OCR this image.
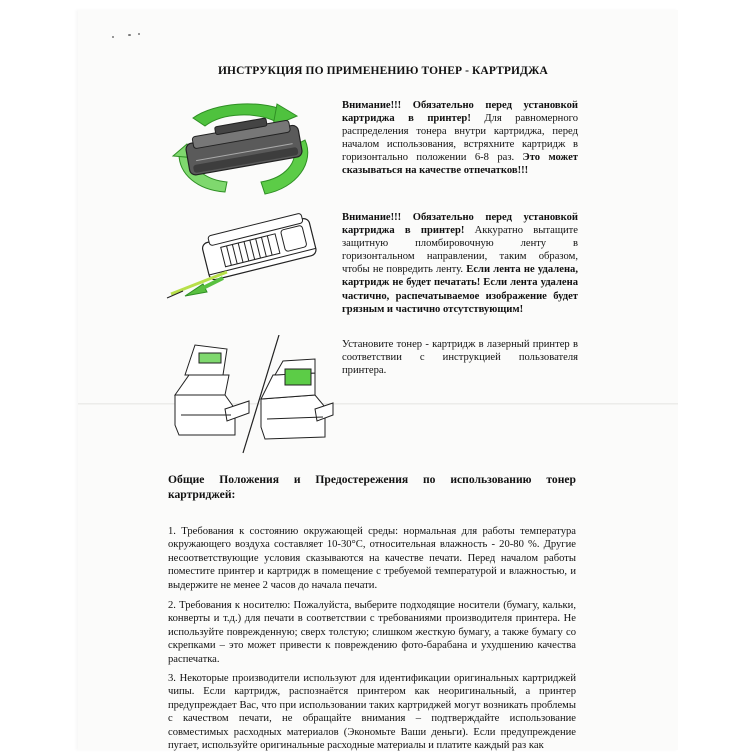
ИНСТРУКЦИЯ ПО ПРИМЕНЕНИЮ ТОНЕР - КАРТРИДЖА
Внимание!!! Обязательно перед установкой картриджа в принтер! Для равномерного распределения тонера внутри картриджа, перед началом использования, встряхните картридж в горизонтально положении 6-8 раз. Это может сказываться на качестве отпечатков!!!
Внимание!!! Обязательно перед установкой картриджа в принтер! Аккуратно вытащите защитную пломбировочную ленту в горизонтальном направлении, таким образом, чтобы не повредить ленту. Если лента не удалена, картридж не будет печатать! Если лента удалена частично, распечатываемое изображение будет грязным и частично отсутствующим!
Установите тонер - картридж в лазерный принтер в соответствии с инструкцией пользователя принтера.
Общие Положения и Предостережения по использованию тонер
картриджей:
1. Требования к состоянию окружающей среды: нормальная для работы температура окружающего воздуха составляет 10-30°С, относительная влажность - 20-80 %. Другие несоответствующие условия сказываются на качестве печати. Перед началом работы поместите принтер и картридж в помещение с требуемой температурой и влажностью, и выдержите не менее 2 часов до начала печати.
2. Требования к носителю: Пожалуйста, выберите подходящие носители (бумагу, кальки, конверты и т.д.) для печати в соответствии с требованиями производителя принтера. Не используйте поврежденную; сверх толстую; слишком жесткую бумагу, а также бумагу со скрепками – это может привести к повреждению фото-барабана и ухудшению качества распечатка.
3. Некоторые производители используют для идентификации оригинальных картриджей чипы. Если картридж, распознаётся принтером как неоригинальный, а принтер предупреждает Вас, что при использовании таких картриджей могут возникать проблемы с качеством печати, не обращайте внимания – подтверждайте использование совместимых расходных материалов (Экономьте Ваши деньги). Если предупреждение пугает, используйте оригинальные расходные материалы и платите каждый раз как
